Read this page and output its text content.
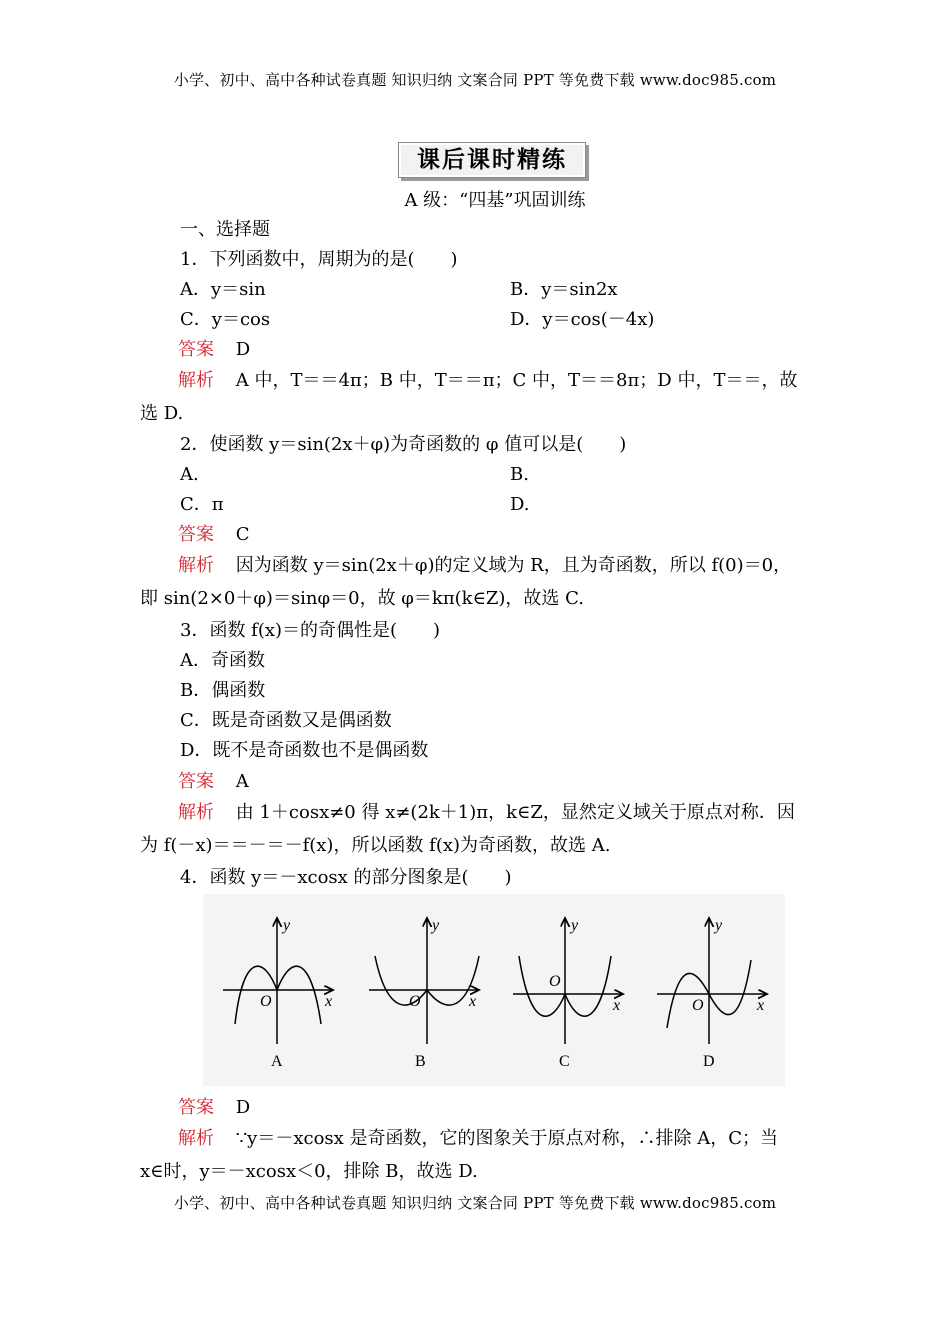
小学、初中、高中各种试卷真题 知识归纳 文案合同 PPT 等免费下载 www.doc985.com
课后课时精练
A 级：“四基”巩固训练
一、选择题
1．下列函数中，周期为的是(　　)
A．y＝sin	B．y＝sin2x
C．y＝cos	D．y＝cos(－4x)
答案 D
解析 A 中，T＝＝4π；B 中，T＝＝π；C 中，T＝＝8π；D 中，T＝＝，故
选 D.
2．使函数 y＝sin(2x＋φ)为奇函数的 φ 值可以是(　　)
A.	B.
C．π	D.
答案 C
解析 因为函数 y＝sin(2x＋φ)的定义域为 R，且为奇函数，所以 f(0)＝0，
即 sin(2×0＋φ)＝sinφ＝0，故 φ＝kπ(k∈Z)，故选 C.
3．函数 f(x)＝的奇偶性是(　　)
A．奇函数
B．偶函数
C．既是奇函数又是偶函数
D．既不是奇函数也不是偶函数
答案 A
解析 由 1＋cosx≠0 得 x≠(2k＋1)π，k∈Z，显然定义域关于原点对称．因
为 f(－x)＝＝－＝－f(x)，所以函数 f(x)为奇函数，故选 A.
4．函数 y＝－xcosx 的部分图象是(　　)
y
x
O
A
y
x
O
B
y
x
O
C
y
x
O
D
答案 D
解析 ∵y＝－xcosx 是奇函数，它的图象关于原点对称，∴排除 A，C；当
x∈时，y＝－xcosx＜0，排除 B，故选 D.
小学、初中、高中各种试卷真题 知识归纳 文案合同 PPT 等免费下载 www.doc985.com
